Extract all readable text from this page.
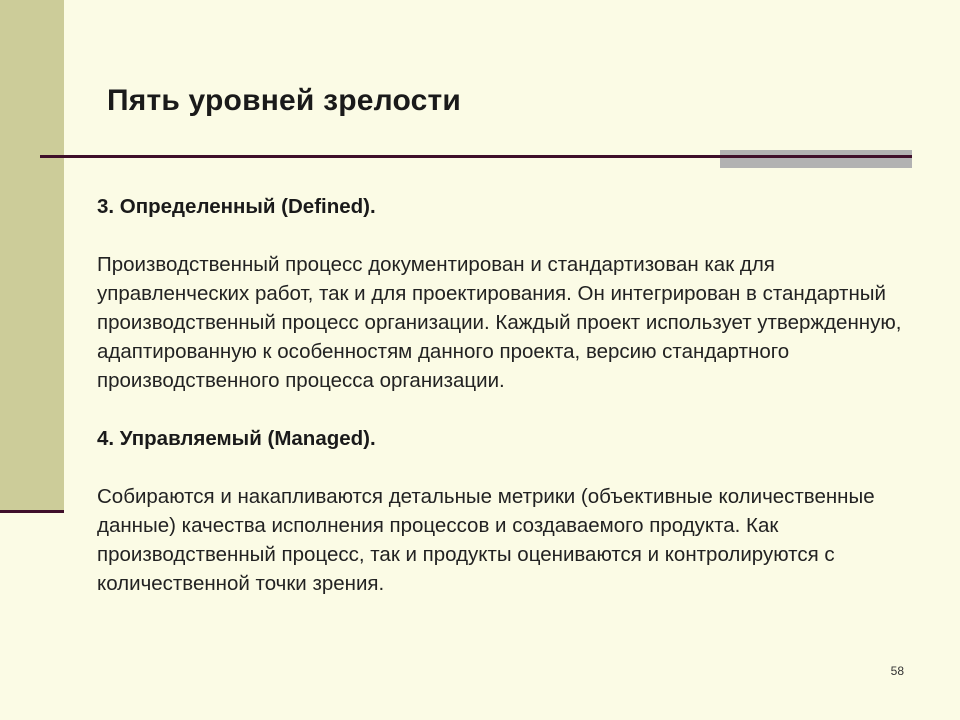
Пять уровней зрелости

3. Определенный (Defined).

Производственный процесс документирован и стандартизован как для управленческих работ, так и для проектирования. Он интегрирован в стандартный производственный процесс организации. Каждый проект использует утвержденную, адаптированную к особенностям данного проекта, версию стандартного производственного процесса организации.

4. Управляемый (Managed).

Собираются и накапливаются детальные метрики (объективные количественные данные) качества исполнения процессов и создаваемого продукта. Как производственный процесс, так и продукты оцениваются и контролируются с количественной точки зрения.

58
